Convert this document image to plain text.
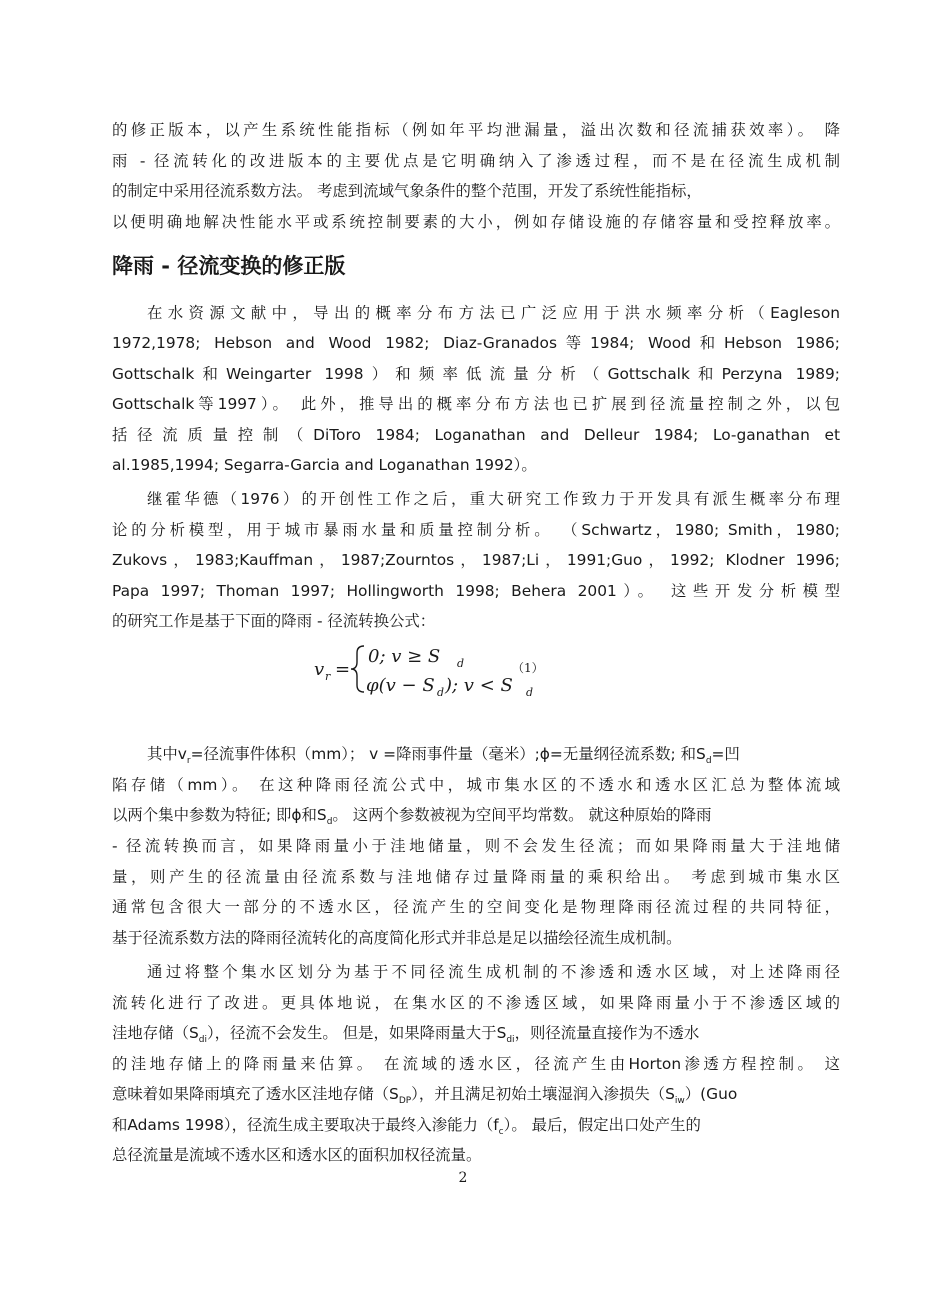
的修正版本，以产生系统性能指标（例如年平均泄漏量，溢出次数和径流捕获效率）。 降
雨 - 径流转化的改进版本的主要优点是它明确纳入了渗透过程，而不是在径流生成机制
的制定中采用径流系数方法。 考虑到流域气象条件的整个范围，开发了系统性能指标，
以便明确地解决性能水平或系统控制要素的大小，例如存储设施的存储容量和受控释放率。
降雨 - 径流变换的修正版
在水资源文献中，导出的概率分布方法已广泛应用于洪水频率分析（Eagleson
1972,1978; Hebson and Wood 1982; Diaz-Granados等1984; Wood和Hebson 1986;
Gottschalk和Weingarter 1998）和频率低流量分析（Gottschalk和Perzyna 1989;
Gottschalk等1997）。 此外，推导出的概率分布方法也已扩展到径流量控制之外，以包
括径流质量控制（DiToro 1984; Loganathan and Delleur 1984; Lo-ganathan et
al.1985,1994; Segarra-Garcia and Loganathan 1992）。
继霍华德（1976）的开创性工作之后，重大研究工作致力于开发具有派生概率分布理
论的分析模型，用于城市暴雨水量和质量控制分析。 （Schwartz，1980; Smith，1980;
Zukovs，1983;Kauffman，1987;Zourntos，1987;Li，1991;Guo，1992; Klodner 1996;
Papa 1997; Thoman 1997; Hollingworth 1998; Behera 2001）。 这些开发分析模型
的研究工作是基于下面的降雨 - 径流转换公式：
v r =
0; v ≥ S d
φ(v − S d ); v < S d
（1）
其中$v_r=$径流事件体积（mm）； v =降雨事件量（毫米）;ϕ=无量纲径流系数; 和$S_d=$凹
陷存储（mm）。 在这种降雨径流公式中，城市集水区的不透水和透水区汇总为整体流域
以两个集中参数为特征; 即ϕ和$S_d$。 这两个参数被视为空间平均常数。 就这种原始的降雨
- 径流转换而言，如果降雨量小于洼地储量，则不会发生径流；而如果降雨量大于洼地储
量，则产生的径流量由径流系数与洼地储存过量降雨量的乘积给出。 考虑到城市集水区
通常包含很大一部分的不透水区，径流产生的空间变化是物理降雨径流过程的共同特征，
基于径流系数方法的降雨径流转化的高度简化形式并非总是足以描绘径流生成机制。
通过将整个集水区划分为基于不同径流生成机制的不渗透和透水区域，对上述降雨径
流转化进行了改进。更具体地说，在集水区的不渗透区域，如果降雨量小于不渗透区域的
洼地存储$(S_{di})$，径流不会发生。 但是，如果降雨量大于$S_{di}$，则径流量直接作为不透水
的洼地存储上的降雨量来估算。 在流域的透水区，径流产生由Horton渗透方程控制。 这
意味着如果降雨填充了透水区洼地存储$(S_{DP})$，并且满足初始土壤湿润入渗损失$(S_{iw})(Guo$
和Adams 1998），径流生成主要取决于最终入渗能力$(f_c)$。 最后，假定出口处产生的
总径流量是流域不透水区和透水区的面积加权径流量。
2
